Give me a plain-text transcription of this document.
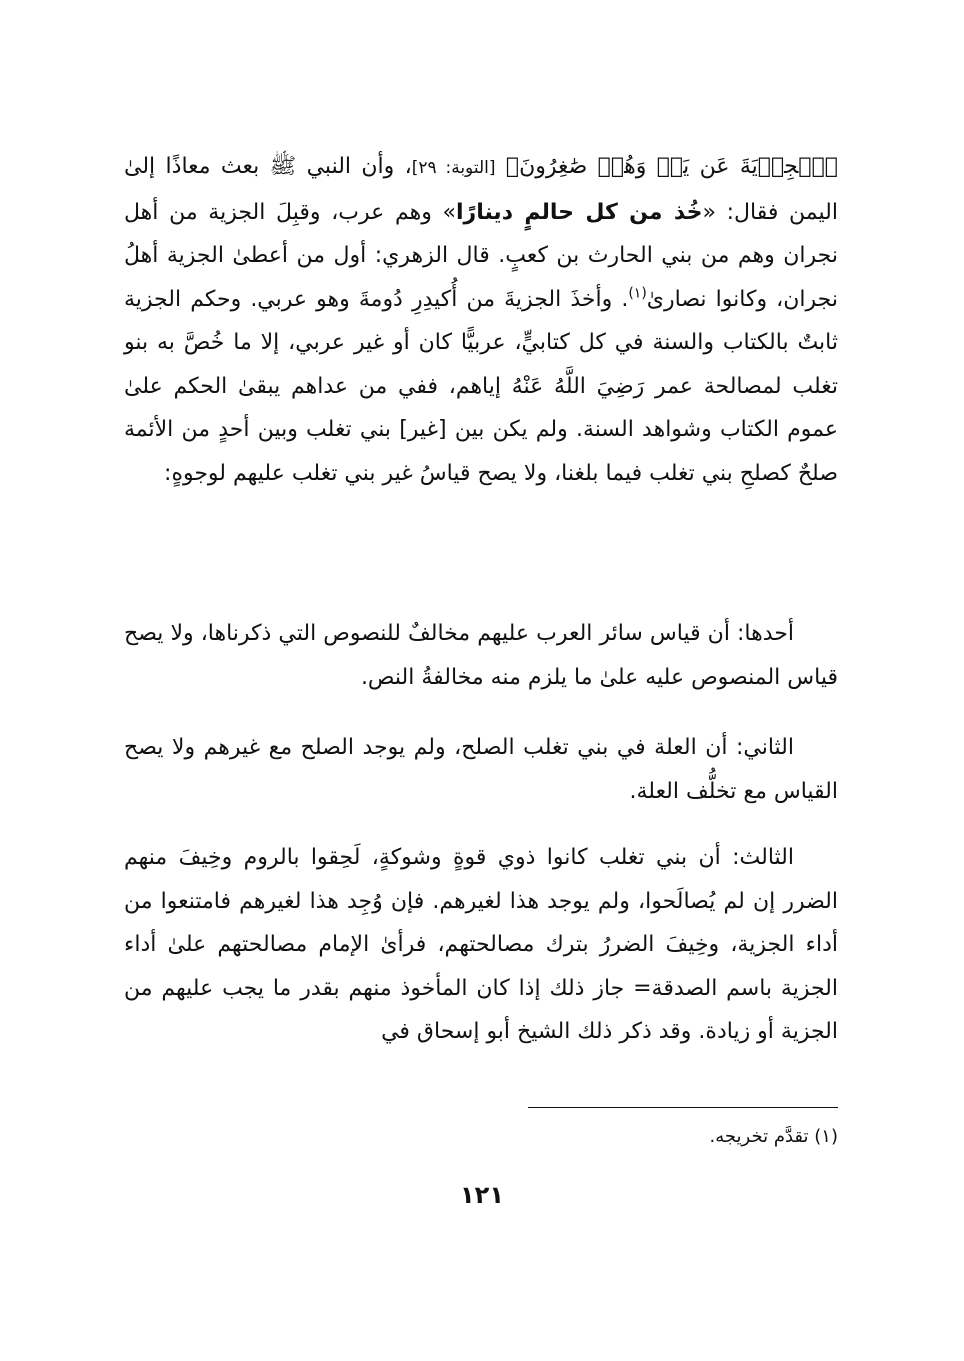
ٱلۡجِزۡيَةَ عَن يَدٖ وَهُمۡ صَٰغِرُونَ﴾ [التوبة: ٢٩]، وأن النبي ﷺ بعث معاذًا إلىٰ اليمن فقال: «خُذ من كل حالمٍ دينارًا» وهم عرب، وقبِلَ الجزية من أهل نجران وهم من بني الحارث بن كعبٍ. قال الزهري: أول من أعطىٰ الجزية أهلُ نجران، وكانوا نصارىٰ$^{(١)}$. وأخذَ الجزيةَ من أُكيدِرِ دُومةَ وهو عربي. وحكم الجزية ثابتٌ بالكتاب والسنة في كل كتابيٍّ، عربيًّا كان أو غير عربي، إلا ما خُصَّ به بنو تغلب لمصالحة عمر رَضِيَ اللَّهُ عَنْهُ إياهم، ففي من عداهم يبقىٰ الحكم علىٰ عموم الكتاب وشواهد السنة. ولم يكن بين [غير] بني تغلب وبين أحدٍ من الأئمة صلحٌ كصلحِ بني تغلب فيما بلغنا، ولا يصح قياسُ غير بني تغلب عليهم لوجوهٍ:

أحدها: أن قياس سائر العرب عليهم مخالفٌ للنصوص التي ذكرناها، ولا يصح قياس المنصوص عليه علىٰ ما يلزم منه مخالفةُ النص.

الثاني: أن العلة في بني تغلب الصلح، ولم يوجد الصلح مع غيرهم ولا يصح القياس مع تخلُّف العلة.

الثالث: أن بني تغلب كانوا ذوي قوةٍ وشوكةٍ، لَحِقوا بالروم وخِيفَ منهم الضرر إن لم يُصالَحوا، ولم يوجد هذا لغيرهم. فإن وُجِد هذا لغيرهم فامتنعوا من أداء الجزية، وخِيفَ الضررُ بترك مصالحتهم، فرأىٰ الإمام مصالحتهم علىٰ أداء الجزية باسم الصدقة= جاز ذلك إذا كان المأخوذ منهم بقدر ما يجب عليهم من الجزية أو زيادة. وقد ذكر ذلك الشيخ أبو إسحاق في

(١) تقدَّم تخريجه.
١٢١
